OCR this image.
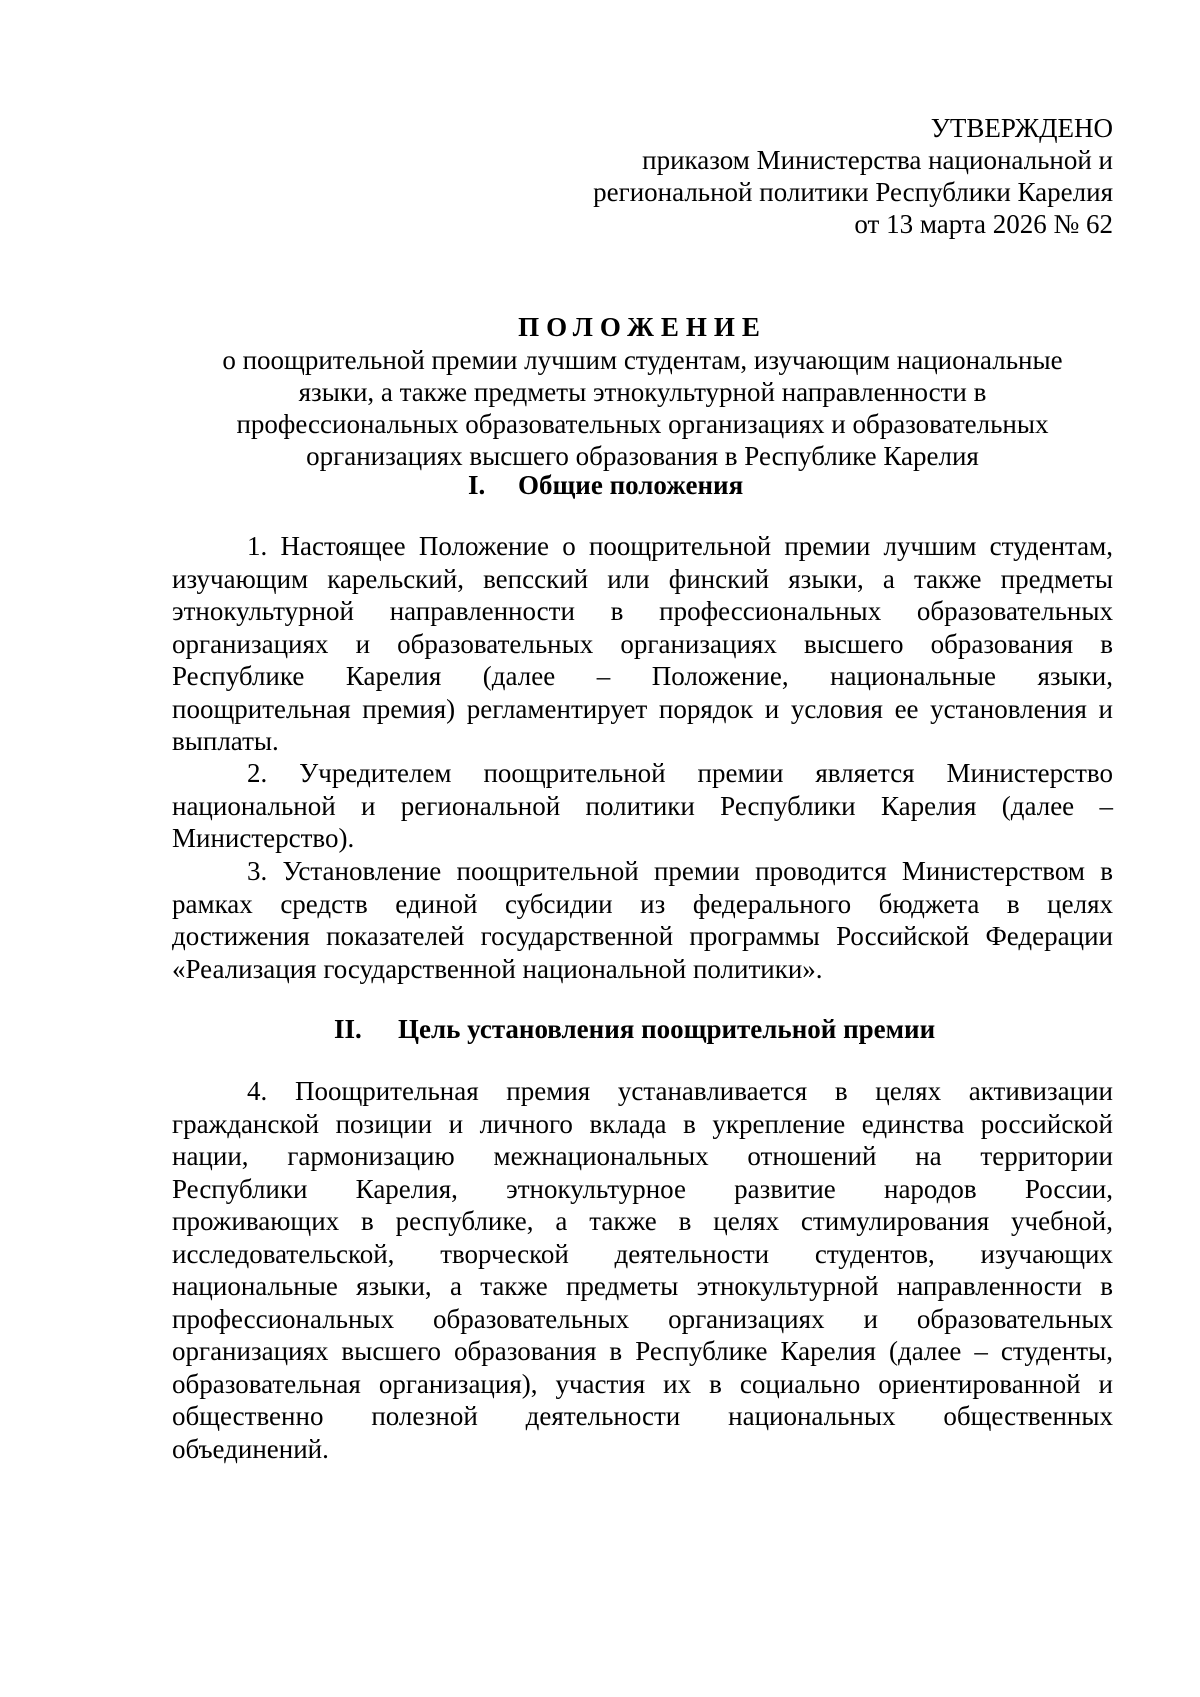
УТВЕРЖДЕНО
приказом Министерства национальной и
региональной политики Республики Карелия
от 13 марта 2026 № 62
ПОЛОЖЕНИЕ
о поощрительной премии лучшим студентам, изучающим национальные
языки, а также предметы этнокультурной направленности в
профессиональных образовательных организациях и образовательных
организациях высшего образования в Республике Карелия
I. Общие положения
1. Настоящее Положение о поощрительной премии лучшим студентам,
изучающим карельский, вепсский или финский языки, а также предметы
этнокультурной направленности в профессиональных образовательных
организациях и образовательных организациях высшего образования в
Республике Карелия (далее – Положение, национальные языки,
поощрительная премия) регламентирует порядок и условия ее установления и
выплаты.
2. Учредителем поощрительной премии является Министерство
национальной и региональной политики Республики Карелия (далее –
Министерство).
3. Установление поощрительной премии проводится Министерством в
рамках средств единой субсидии из федерального бюджета в целях
достижения показателей государственной программы Российской Федерации
«Реализация государственной национальной политики».
II. Цель установления поощрительной премии
4. Поощрительная премия устанавливается в целях активизации
гражданской позиции и личного вклада в укрепление единства российской
нации, гармонизацию межнациональных отношений на территории
Республики Карелия, этнокультурное развитие народов России,
проживающих в республике, а также в целях стимулирования учебной,
исследовательской, творческой деятельности студентов, изучающих
национальные языки, а также предметы этнокультурной направленности в
профессиональных образовательных организациях и образовательных
организациях высшего образования в Республике Карелия (далее – студенты,
образовательная организация), участия их в социально ориентированной и
общественно полезной деятельности национальных общественных
объединений.
